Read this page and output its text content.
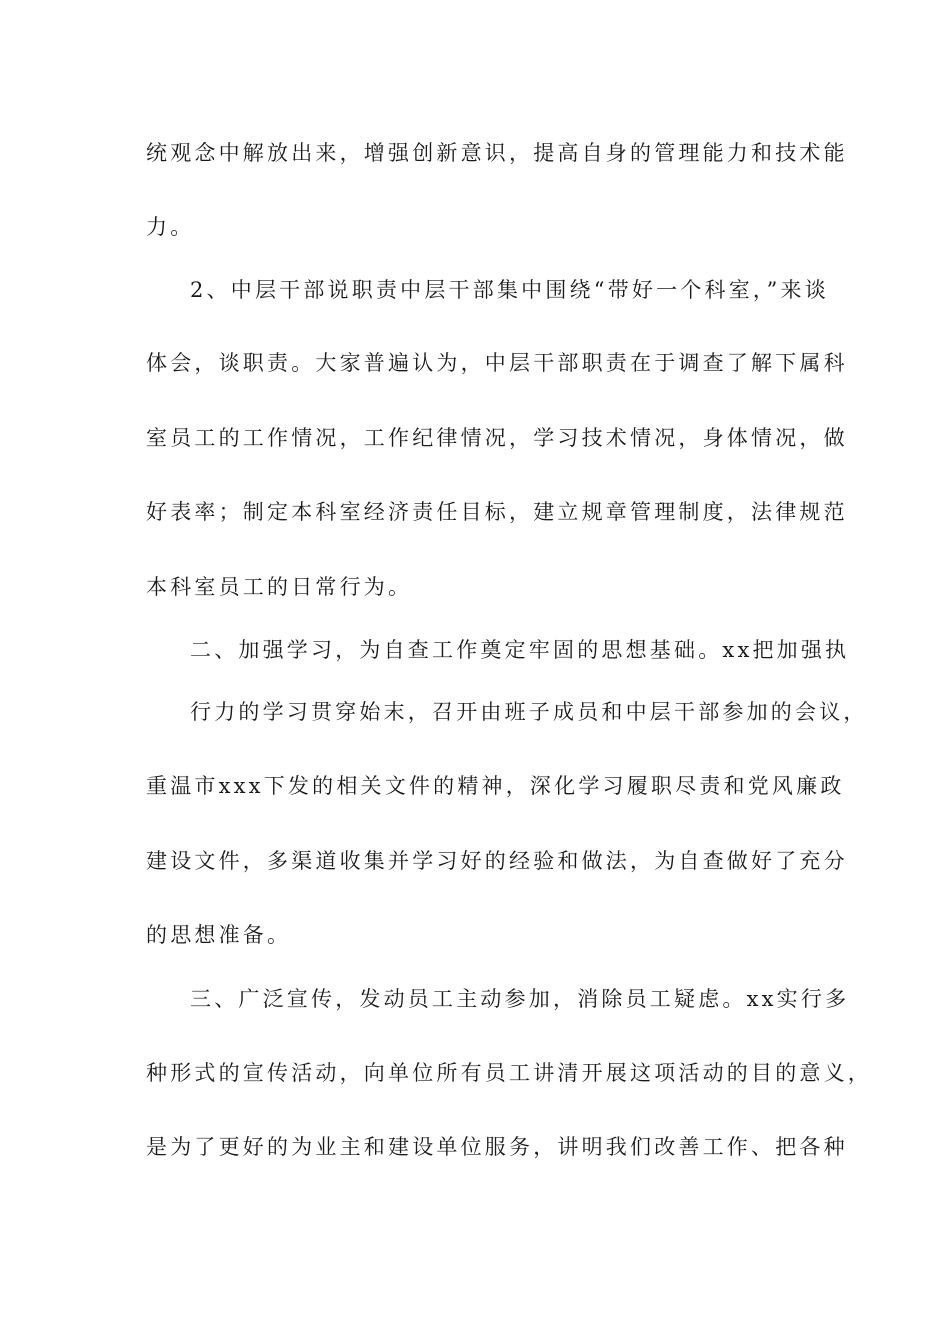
统观念中解放出来，增强创新意识，提高自身的管理能力和技术能
力。
2、中层干部说职责中层干部集中围绕“带好一个科室，”来谈
体会，谈职责。大家普遍认为，中层干部职责在于调查了解下属科
室员工的工作情况，工作纪律情况，学习技术情况，身体情况，做
好表率；制定本科室经济责任目标，建立规章管理制度，法律规范
本科室员工的日常行为。
二、加强学习，为自查工作奠定牢固的思想基础。xx把加强执
行力的学习贯穿始末，召开由班子成员和中层干部参加的会议，
重温市xxx下发的相关文件的精神，深化学习履职尽责和党风廉政
建设文件，多渠道收集并学习好的经验和做法，为自查做好了充分
的思想准备。
三、广泛宣传，发动员工主动参加，消除员工疑虑。xx实行多
种形式的宣传活动，向单位所有员工讲清开展这项活动的目的意义，
是为了更好的为业主和建设单位服务，讲明我们改善工作、把各种
